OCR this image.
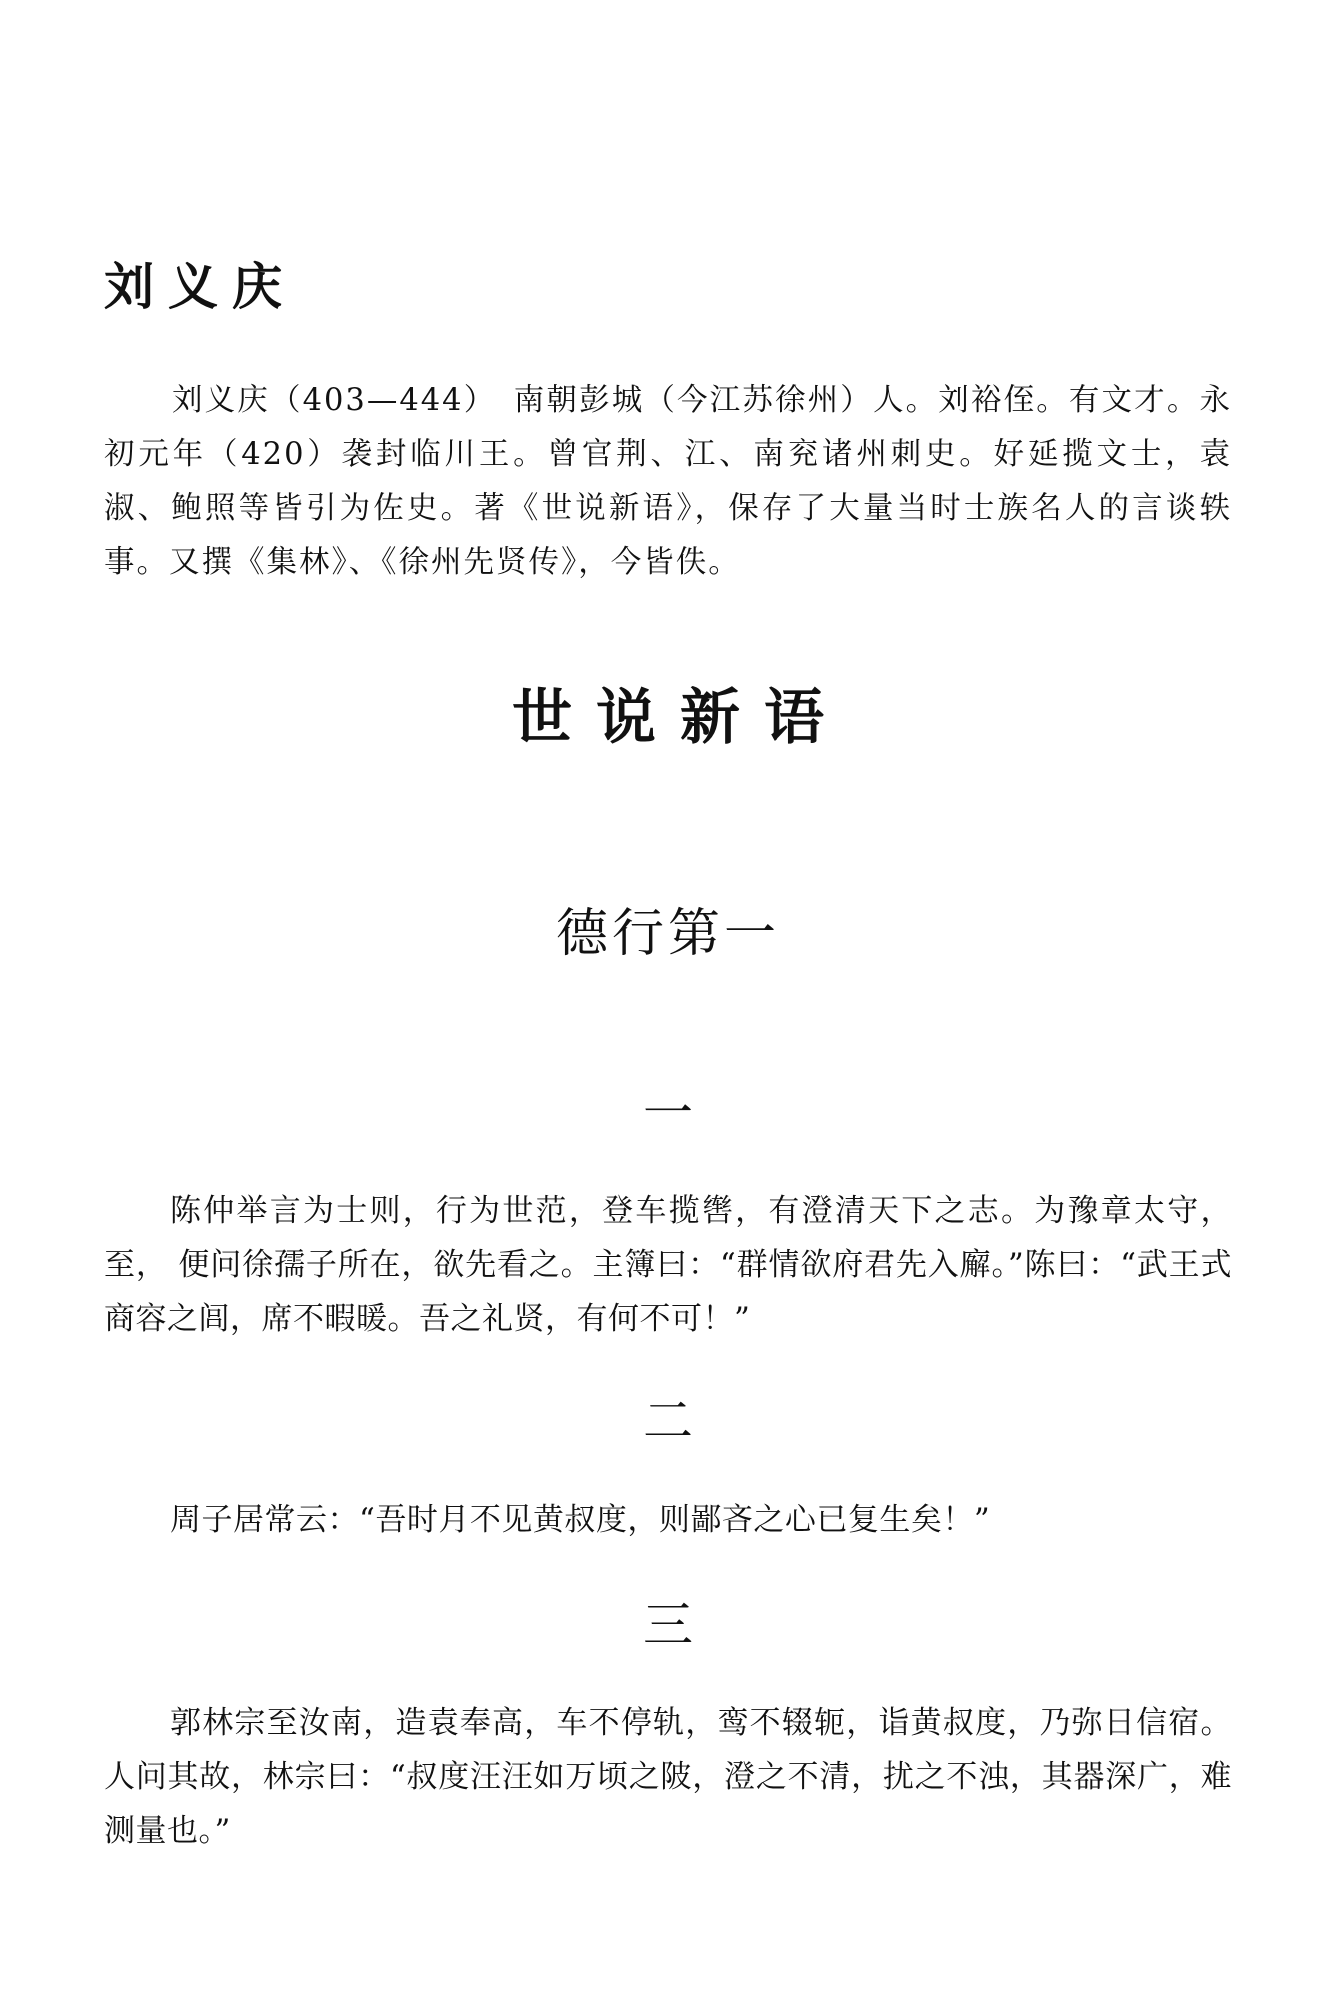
刘义庆

刘义庆（403—444）　南朝彭城（今江苏徐州）人。刘裕侄。有文才。永初元年（420）袭封临川王。曾官荆、江、南兖诸州刺史。好延揽文士，袁淑、鲍照等皆引为佐史。著《世说新语》，保存了大量当时士族名人的言谈轶事。又撰《集林》、《徐州先贤传》，今皆佚。

世说新语
德行第一
一

陈仲举言为士则，行为世范，登车揽辔，有澄清天下之志。为豫章太守，至， 便问徐孺子所在，欲先看之。主簿曰：“群情欲府君先入廨。”陈曰：“武王式商容之闾，席不暇暖。吾之礼贤，有何不可！”

二

周子居常云：“吾时月不见黄叔度，则鄙吝之心已复生矣！”

三

郭林宗至汝南，造袁奉高，车不停轨，鸾不辍轭，诣黄叔度，乃弥日信宿。人问其故，林宗曰：“叔度汪汪如万顷之陂，澄之不清，扰之不浊，其器深广，难测量也。”
